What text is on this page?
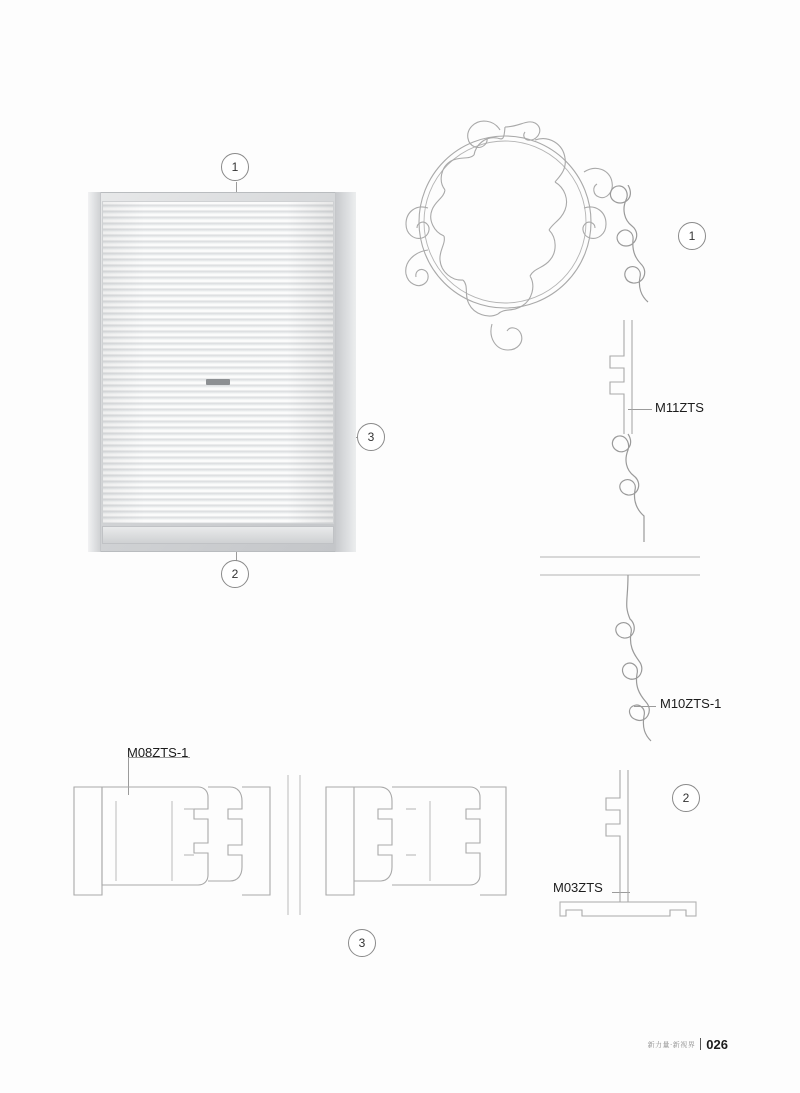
1
2
3
1
M11ZTS
M10ZTS-1
M03ZTS
2
M08ZTS-1
3
新力量·新视界 026
